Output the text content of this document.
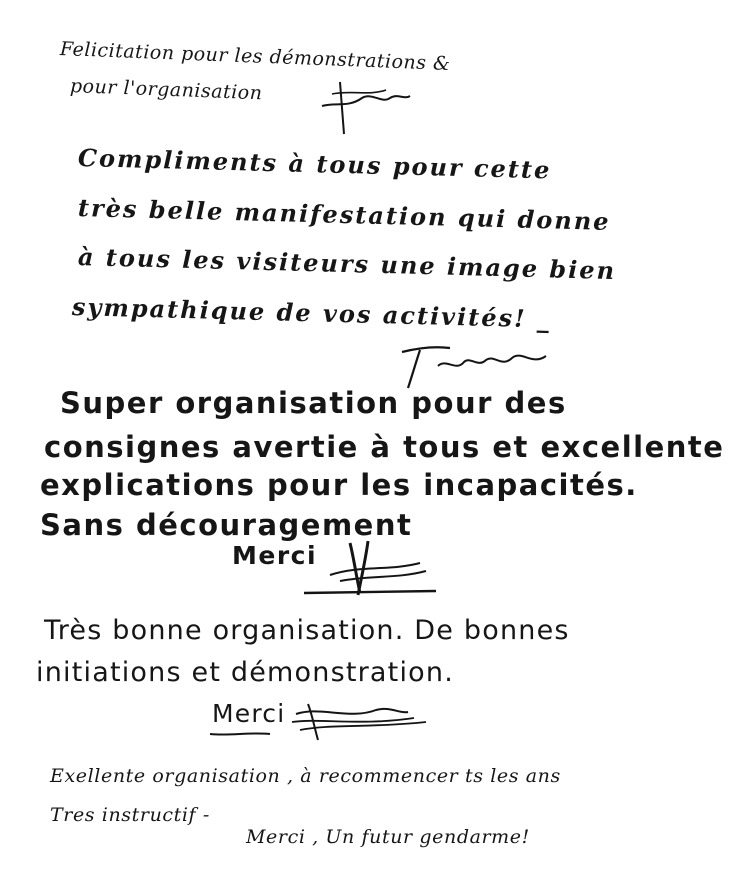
Felicitation pour les démonstrations &
pour l'organisation
Compliments à tous pour cette
très belle manifestation qui donne
à tous les visiteurs une image bien
sympathique de vos activités! _
Super organisation pour des
consignes avertie à tous et excellente
explications pour les incapacités.
Sans découragement
Merci
Très bonne organisation. De bonnes
initiations et démonstration.
Merci
Exellente organisation , à recommencer ts les ans
Tres instructif -
Merci , Un futur gendarme!
